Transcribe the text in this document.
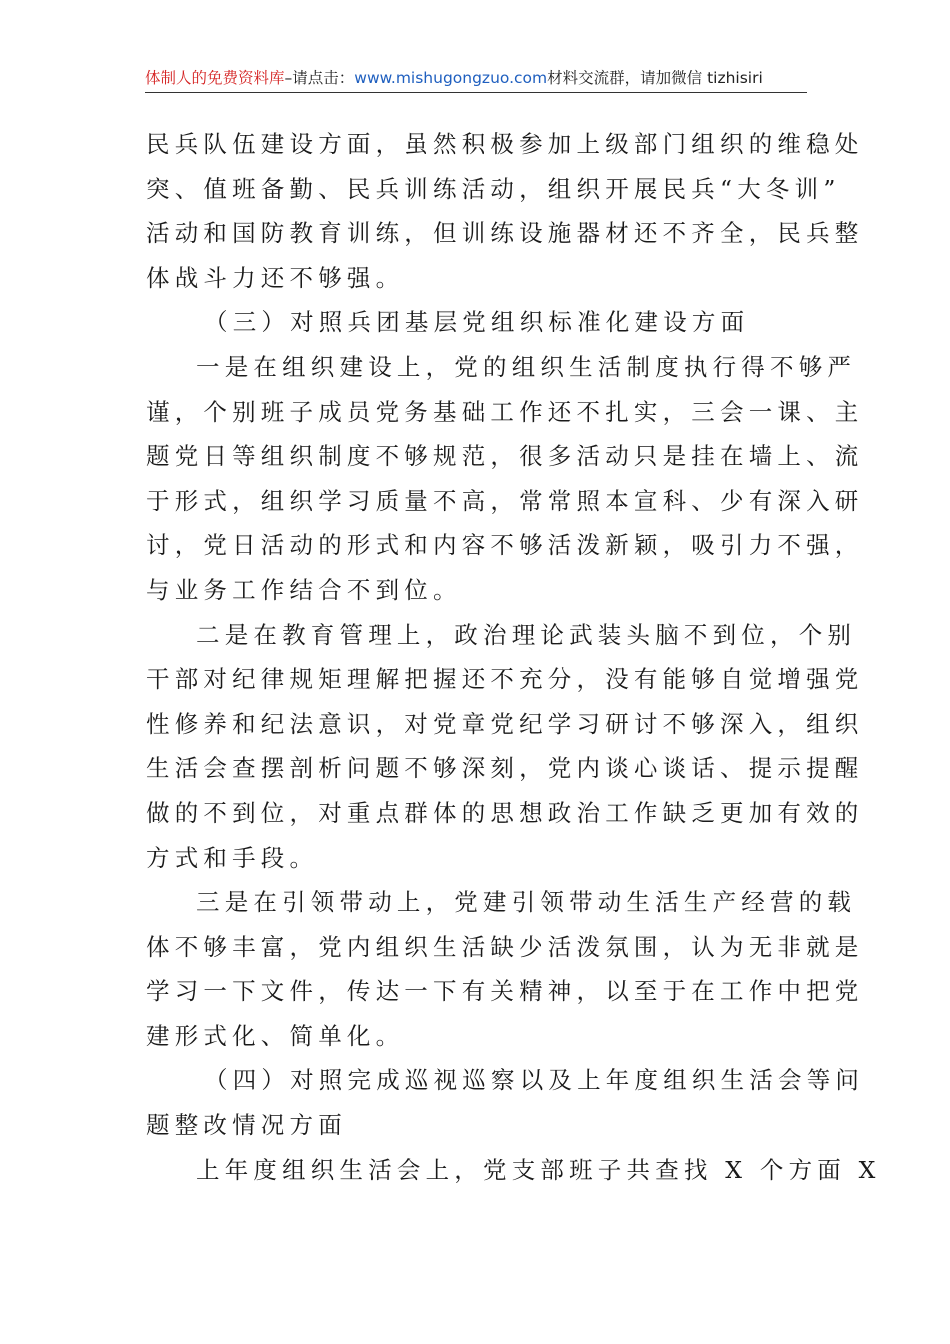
体制人的免费资料库–请点击：www.mishugongzuo.com材料交流群，请加微信 tizhisiri

民兵队伍建设方面，虽然积极参加上级部门组织的维稳处

突、值班备勤、民兵训练活动，组织开展民兵“大冬训”

活动和国防教育训练，但训练设施器材还不齐全，民兵整

体战斗力还不够强。

（三）对照兵团基层党组织标准化建设方面

一是在组织建设上，党的组织生活制度执行得不够严

谨，个别班子成员党务基础工作还不扎实，三会一课、主

题党日等组织制度不够规范，很多活动只是挂在墙上、流

于形式，组织学习质量不高，常常照本宣科、少有深入研

讨，党日活动的形式和内容不够活泼新颖，吸引力不强，

与业务工作结合不到位。

二是在教育管理上，政治理论武装头脑不到位，个别

干部对纪律规矩理解把握还不充分，没有能够自觉增强党

性修养和纪法意识，对党章党纪学习研讨不够深入，组织

生活会查摆剖析问题不够深刻，党内谈心谈话、提示提醒

做的不到位，对重点群体的思想政治工作缺乏更加有效的

方式和手段。

三是在引领带动上，党建引领带动生活生产经营的载

体不够丰富，党内组织生活缺少活泼氛围，认为无非就是

学习一下文件，传达一下有关精神，以至于在工作中把党

建形式化、简单化。

（四）对照完成巡视巡察以及上年度组织生活会等问

题整改情况方面

上年度组织生活会上，党支部班子共查找 X 个方面 X
